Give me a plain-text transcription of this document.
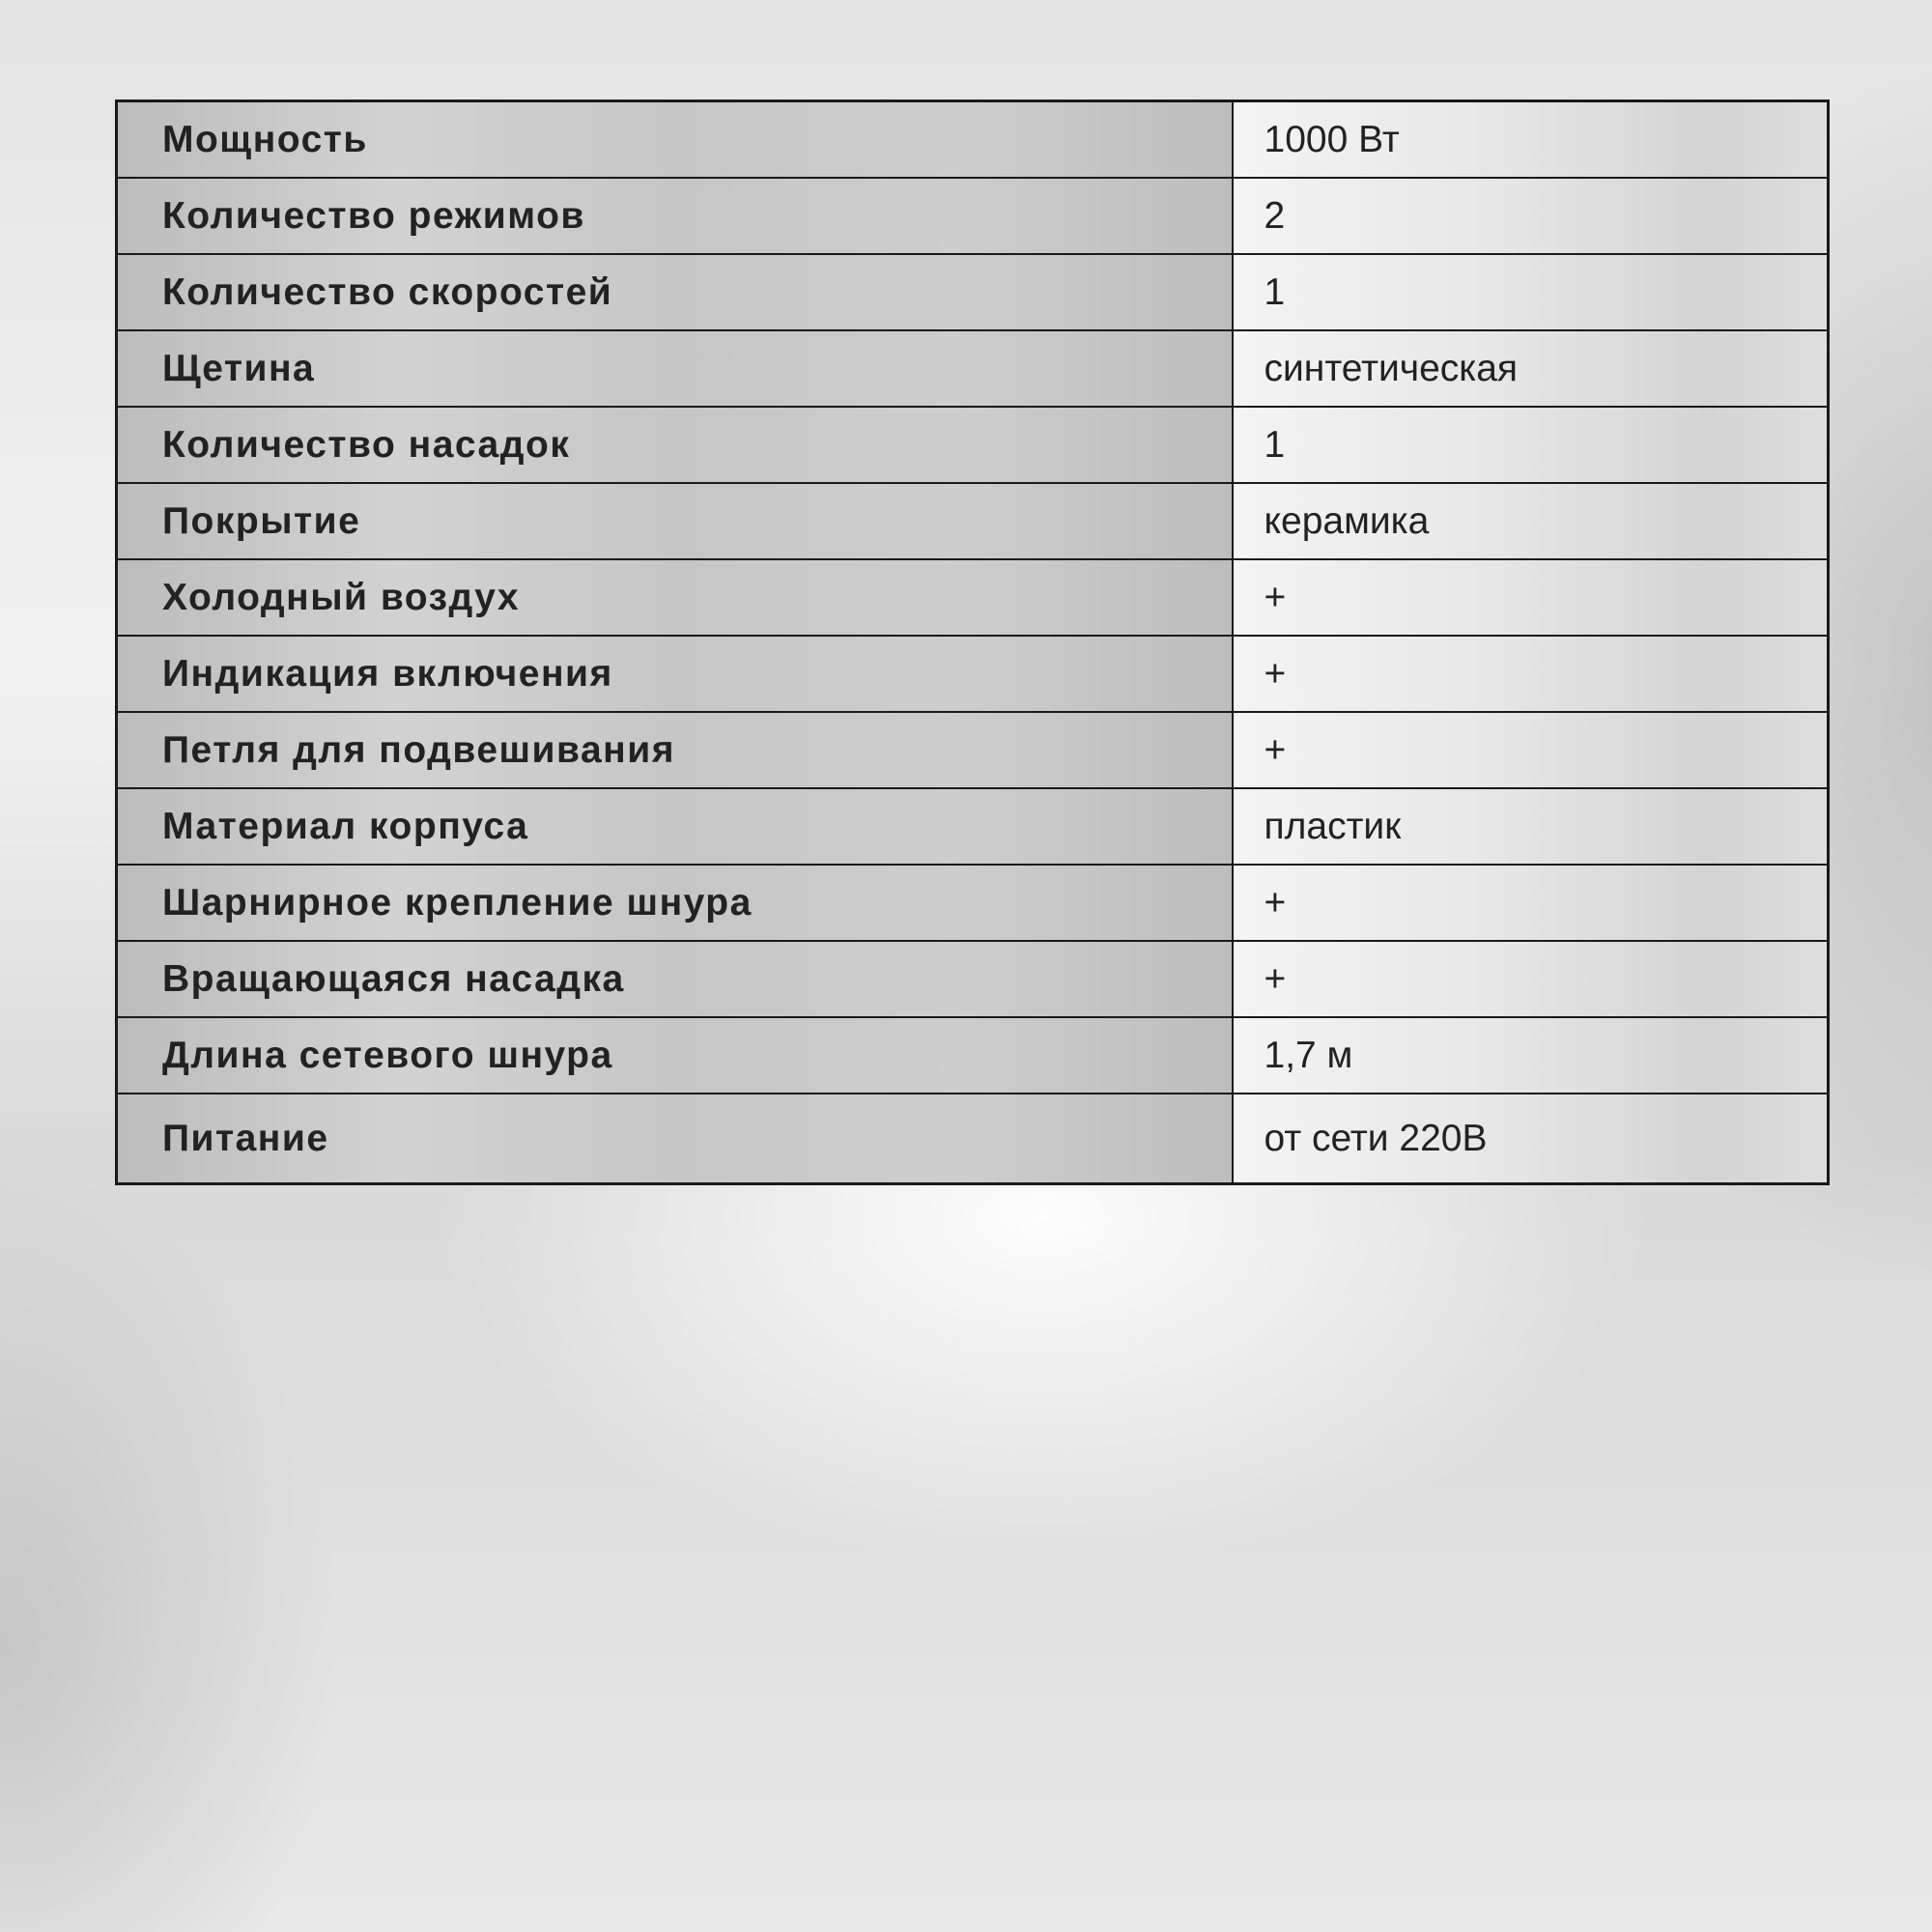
Мощность	1000 Вт
Количество режимов	2
Количество скоростей	1
Щетина	синтетическая
Количество насадок	1
Покрытие	керамика
Холодный воздух	+
Индикация включения	+
Петля для подвешивания	+
Материал корпуса	пластик
Шарнирное крепление шнура	+
Вращающаяся насадка	+
Длина сетевого шнура	1,7 м
Питание	от сети 220В
